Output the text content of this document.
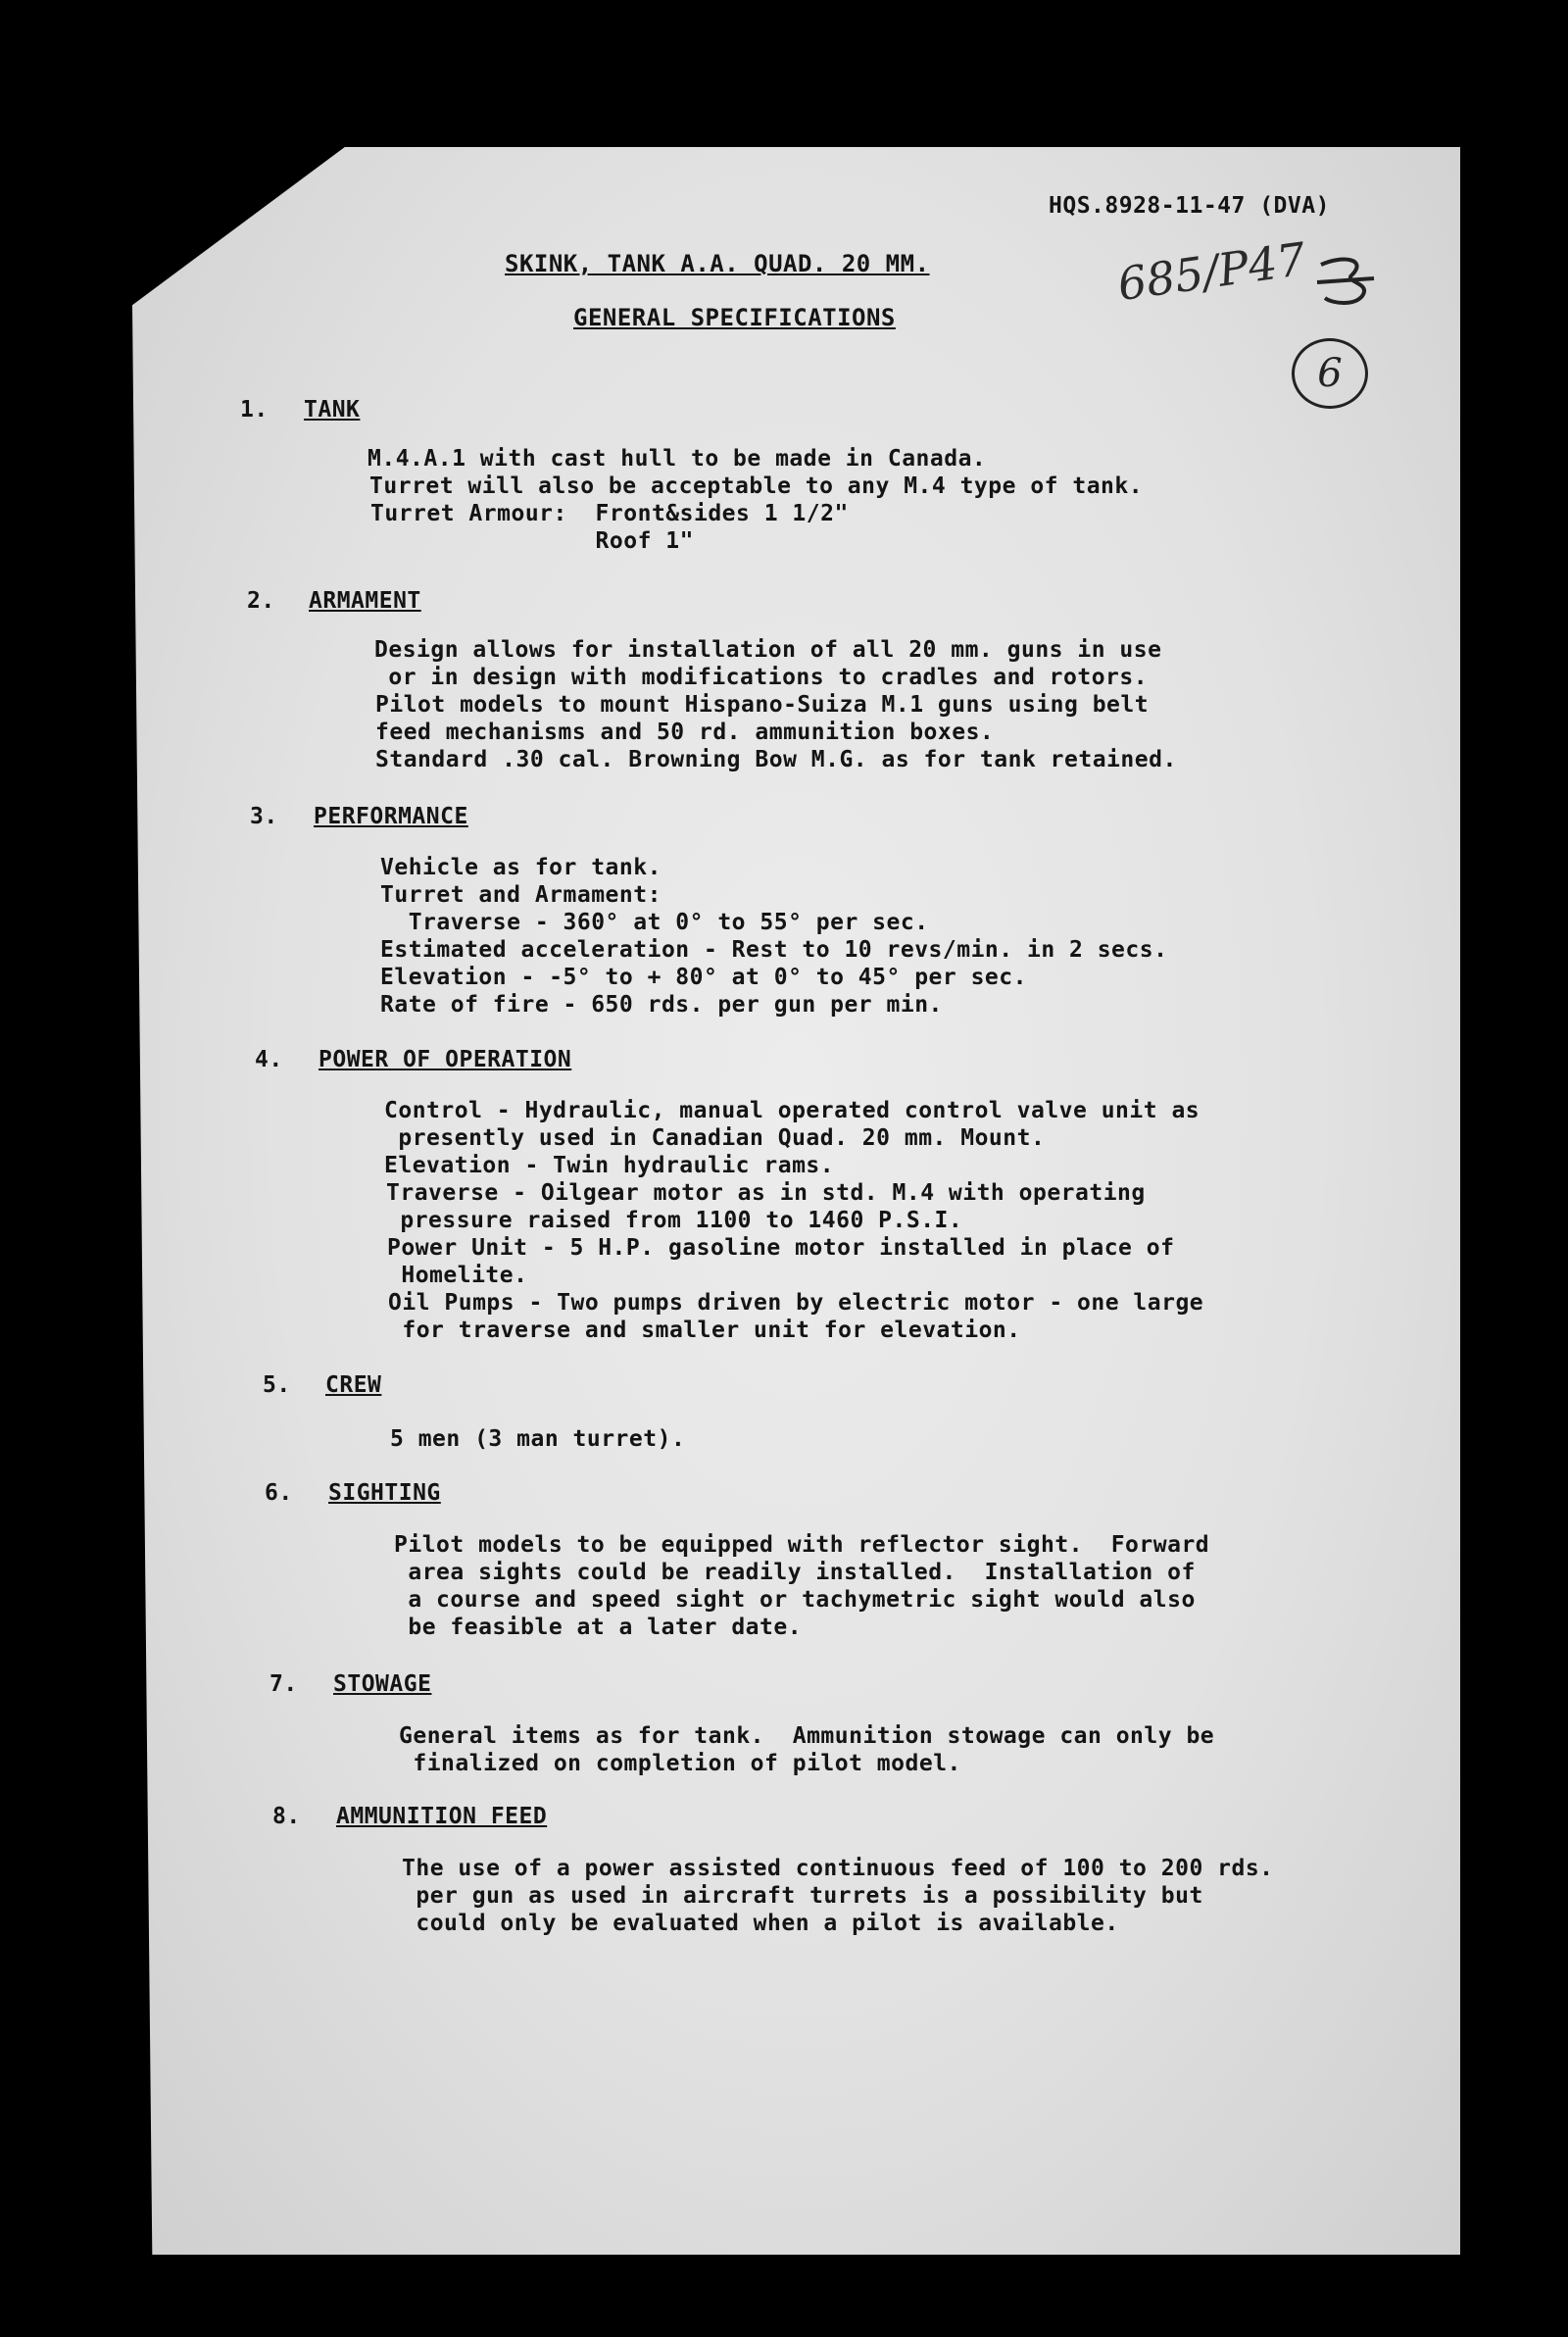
HQS.8928-11-47 (DVA)
SKINK, TANK A.A. QUAD. 20 MM.
GENERAL SPECIFICATIONS
685/P47
6
1. TANK
M.4.A.1 with cast hull to be made in Canada.
Turret will also be acceptable to any M.4 type of tank.
Turret Armour:  Front&sides 1 1/2"
Roof 1"
2. ARMAMENT
Design allows for installation of all 20 mm. guns in use
or in design with modifications to cradles and rotors.
Pilot models to mount Hispano-Suiza M.1 guns using belt
feed mechanisms and 50 rd. ammunition boxes.
Standard .30 cal. Browning Bow M.G. as for tank retained.
3. PERFORMANCE
Vehicle as for tank.
Turret and Armament:
Traverse - 360° at 0° to 55° per sec.
Estimated acceleration - Rest to 10 revs/min. in 2 secs.
Elevation - -5° to + 80° at 0° to 45° per sec.
Rate of fire - 650 rds. per gun per min.
4. POWER OF OPERATION
Control - Hydraulic, manual operated control valve unit as
presently used in Canadian Quad. 20 mm. Mount.
Elevation - Twin hydraulic rams.
Traverse - Oilgear motor as in std. M.4 with operating
pressure raised from 1100 to 1460 P.S.I.
Power Unit - 5 H.P. gasoline motor installed in place of
Homelite.
Oil Pumps - Two pumps driven by electric motor - one large
for traverse and smaller unit for elevation.
5. CREW
5 men (3 man turret).
6. SIGHTING
Pilot models to be equipped with reflector sight.  Forward
area sights could be readily installed.  Installation of
a course and speed sight or tachymetric sight would also
be feasible at a later date.
7. STOWAGE
General items as for tank.  Ammunition stowage can only be
finalized on completion of pilot model.
8. AMMUNITION FEED
The use of a power assisted continuous feed of 100 to 200 rds.
per gun as used in aircraft turrets is a possibility but
could only be evaluated when a pilot is available.
